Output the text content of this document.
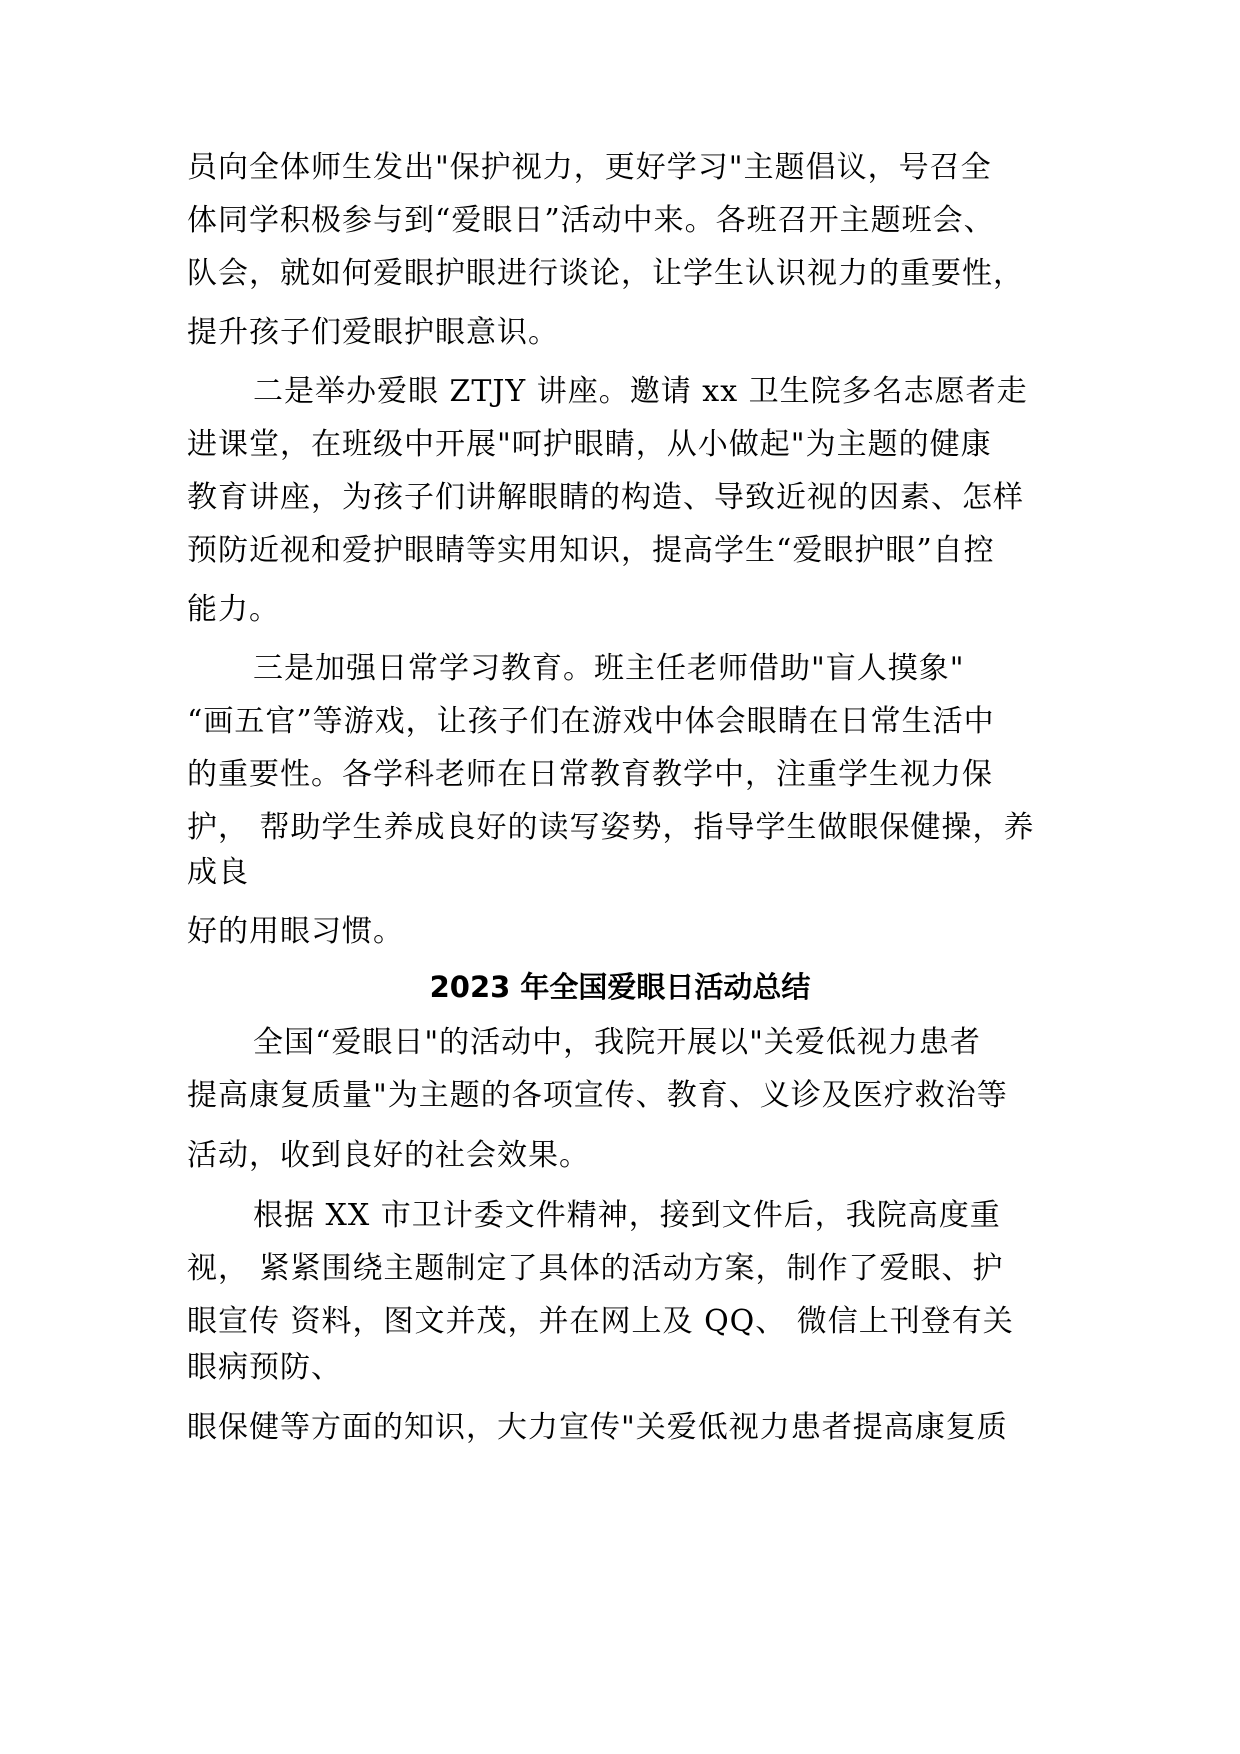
员向全体师生发出"保护视力，更好学习"主题倡议，号召全
体同学积极参与到“爱眼日”活动中来。各班召开主题班会、
队会，就如何爱眼护眼进行谈论，让学生认识视力的重要性，
提升孩子们爱眼护眼意识。
二是举办爱眼 ZTJY 讲座。邀请 xx 卫生院多名志愿者走
进课堂，在班级中开展"呵护眼睛，从小做起"为主题的健康
教育讲座，为孩子们讲解眼睛的构造、导致近视的因素、怎样
预防近视和爱护眼睛等实用知识，提高学生“爱眼护眼”自控
能力。
三是加强日常学习教育。班主任老师借助"盲人摸象"
“画五官”等游戏，让孩子们在游戏中体会眼睛在日常生活中
的重要性。各学科老师在日常教育教学中，注重学生视力保
护， 帮助学生养成良好的读写姿势，指导学生做眼保健操，养
成良
好的用眼习惯。
2023 年全国爱眼日活动总结
全国“爱眼日"的活动中，我院开展以"关爱低视力患者
提高康复质量"为主题的各项宣传、教育、义诊及医疗救治等
活动，收到良好的社会效果。
根据 XX 市卫计委文件精神，接到文件后，我院高度重
视， 紧紧围绕主题制定了具体的活动方案，制作了爱眼、护
眼宣传 资料，图文并茂，并在网上及 QQ、 微信上刊登有关
眼病预防、
眼保健等方面的知识，大力宣传"关爱低视力患者提高康复质
